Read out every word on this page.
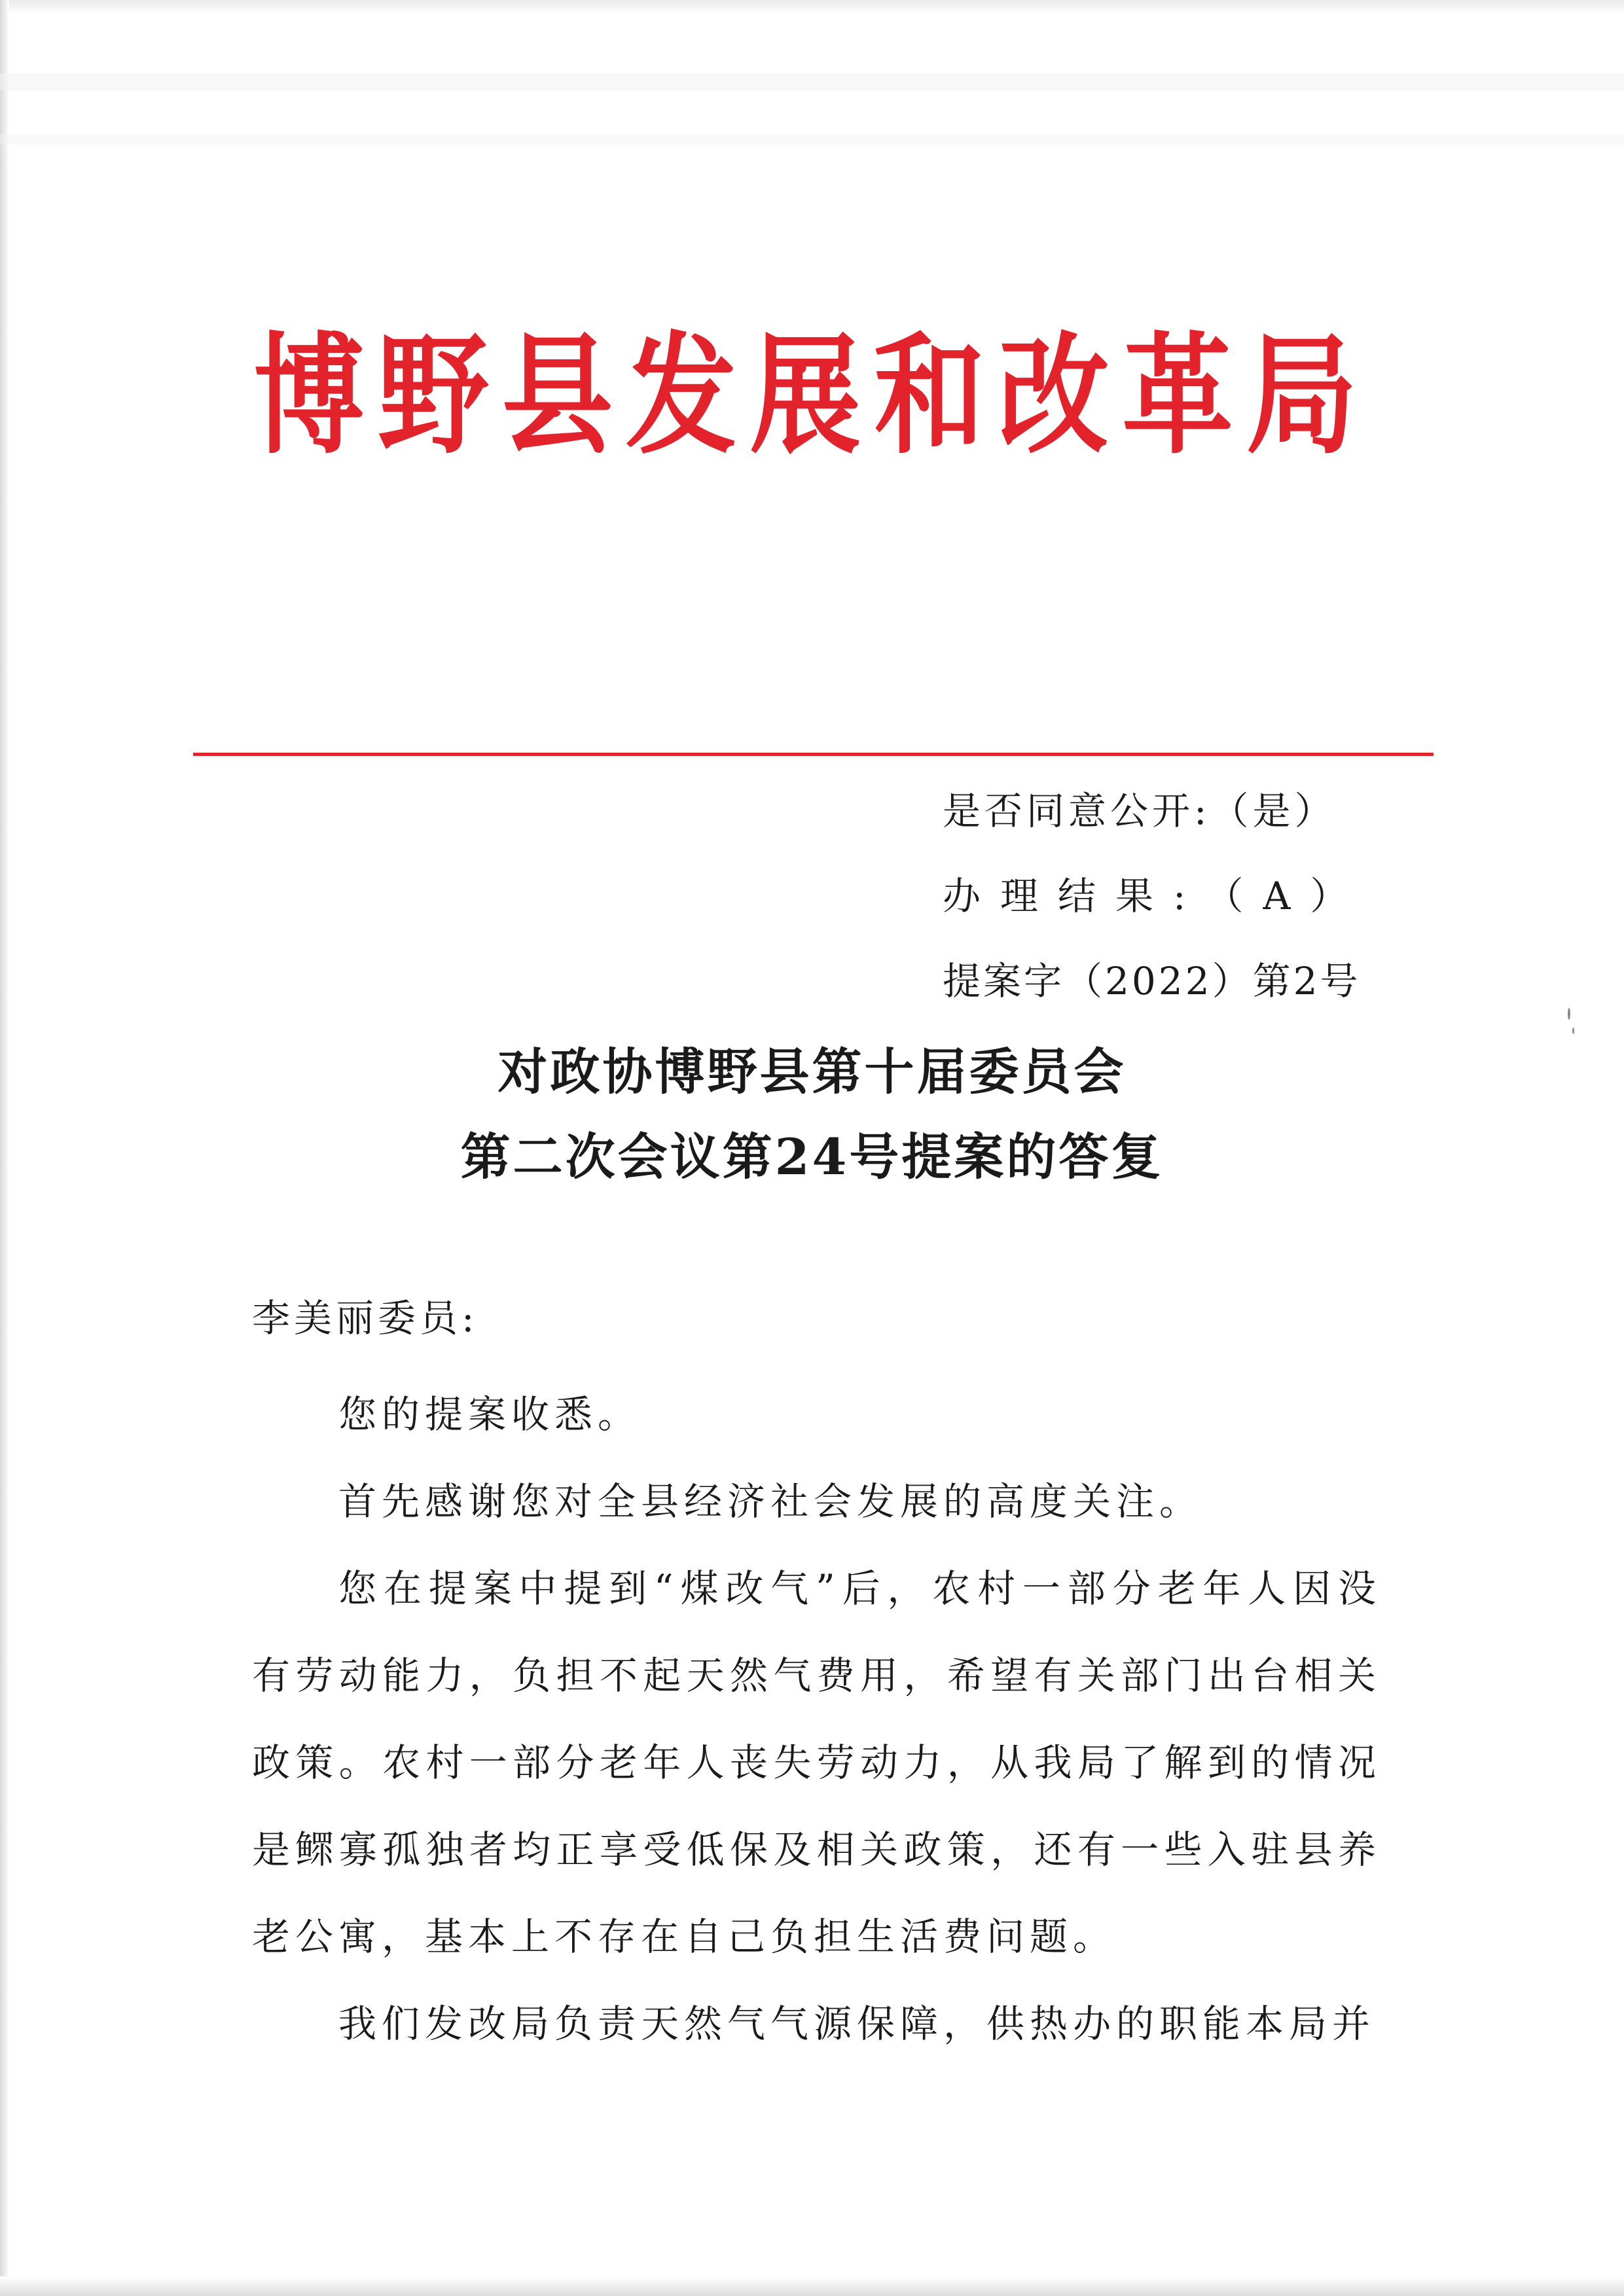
博野县发展和改革局
是否同意公开:（是）
办理结果:（A）
提案字（2022）第2号
对政协博野县第十届委员会
第二次会议第24号提案的答复
李美丽委员:

您的提案收悉。

首先感谢您对全县经济社会发展的高度关注。

您在提案中提到“煤改气”后，农村一部分老年人因没有劳动能力，负担不起天然气费用，希望有关部门出台相关政策。农村一部分老年人丧失劳动力，从我局了解到的情况是鳏寡孤独者均正享受低保及相关政策，还有一些入驻县养老公寓，基本上不存在自己负担生活费问题。

我们发改局负责天然气气源保障，供热办的职能本局并
